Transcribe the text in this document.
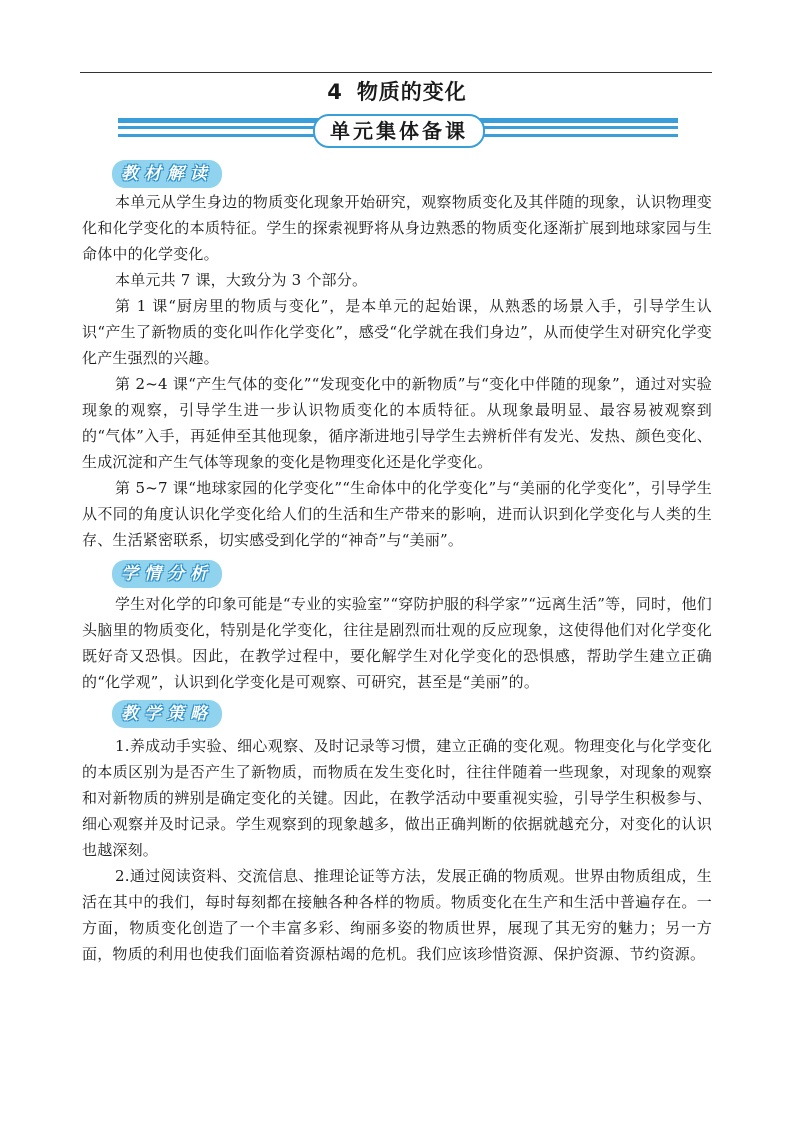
4 物质的变化
单元集体备课
教材解读
本单元从学生身边的物质变化现象开始研究，观察物质变化及其伴随的现象，认识物理变化和化学变化的本质特征。学生的探索视野将从身边熟悉的物质变化逐渐扩展到地球家园与生命体中的化学变化。
本单元共 7 课，大致分为 3 个部分。
第 1 课“厨房里的物质与变化”，是本单元的起始课，从熟悉的场景入手，引导学生认识“产生了新物质的变化叫作化学变化”，感受“化学就在我们身边”，从而使学生对研究化学变化产生强烈的兴趣。
第 2~4 课“产生气体的变化”“发现变化中的新物质”与“变化中伴随的现象”，通过对实验现象的观察，引导学生进一步认识物质变化的本质特征。从现象最明显、最容易被观察到的“气体”入手，再延伸至其他现象，循序渐进地引导学生去辨析伴有发光、发热、颜色变化、生成沉淀和产生气体等现象的变化是物理变化还是化学变化。
第 5~7 课“地球家园的化学变化”“生命体中的化学变化”与“美丽的化学变化”，引导学生从不同的角度认识化学变化给人们的生活和生产带来的影响，进而认识到化学变化与人类的生存、生活紧密联系，切实感受到化学的“神奇”与“美丽”。
学情分析
学生对化学的印象可能是“专业的实验室”“穿防护服的科学家”“远离生活”等，同时，他们头脑里的物质变化，特别是化学变化，往往是剧烈而壮观的反应现象，这使得他们对化学变化既好奇又恐惧。因此，在教学过程中，要化解学生对化学变化的恐惧感，帮助学生建立正确的“化学观”，认识到化学变化是可观察、可研究，甚至是“美丽”的。
教学策略
1.养成动手实验、细心观察、及时记录等习惯，建立正确的变化观。物理变化与化学变化的本质区别为是否产生了新物质，而物质在发生变化时，往往伴随着一些现象，对现象的观察和对新物质的辨别是确定变化的关键。因此，在教学活动中要重视实验，引导学生积极参与、细心观察并及时记录。学生观察到的现象越多，做出正确判断的依据就越充分，对变化的认识也越深刻。
2.通过阅读资料、交流信息、推理论证等方法，发展正确的物质观。世界由物质组成，生活在其中的我们，每时每刻都在接触各种各样的物质。物质变化在生产和生活中普遍存在。一方面，物质变化创造了一个丰富多彩、绚丽多姿的物质世界，展现了其无穷的魅力；另一方面，物质的利用也使我们面临着资源枯竭的危机。我们应该珍惜资源、保护资源、节约资源。
